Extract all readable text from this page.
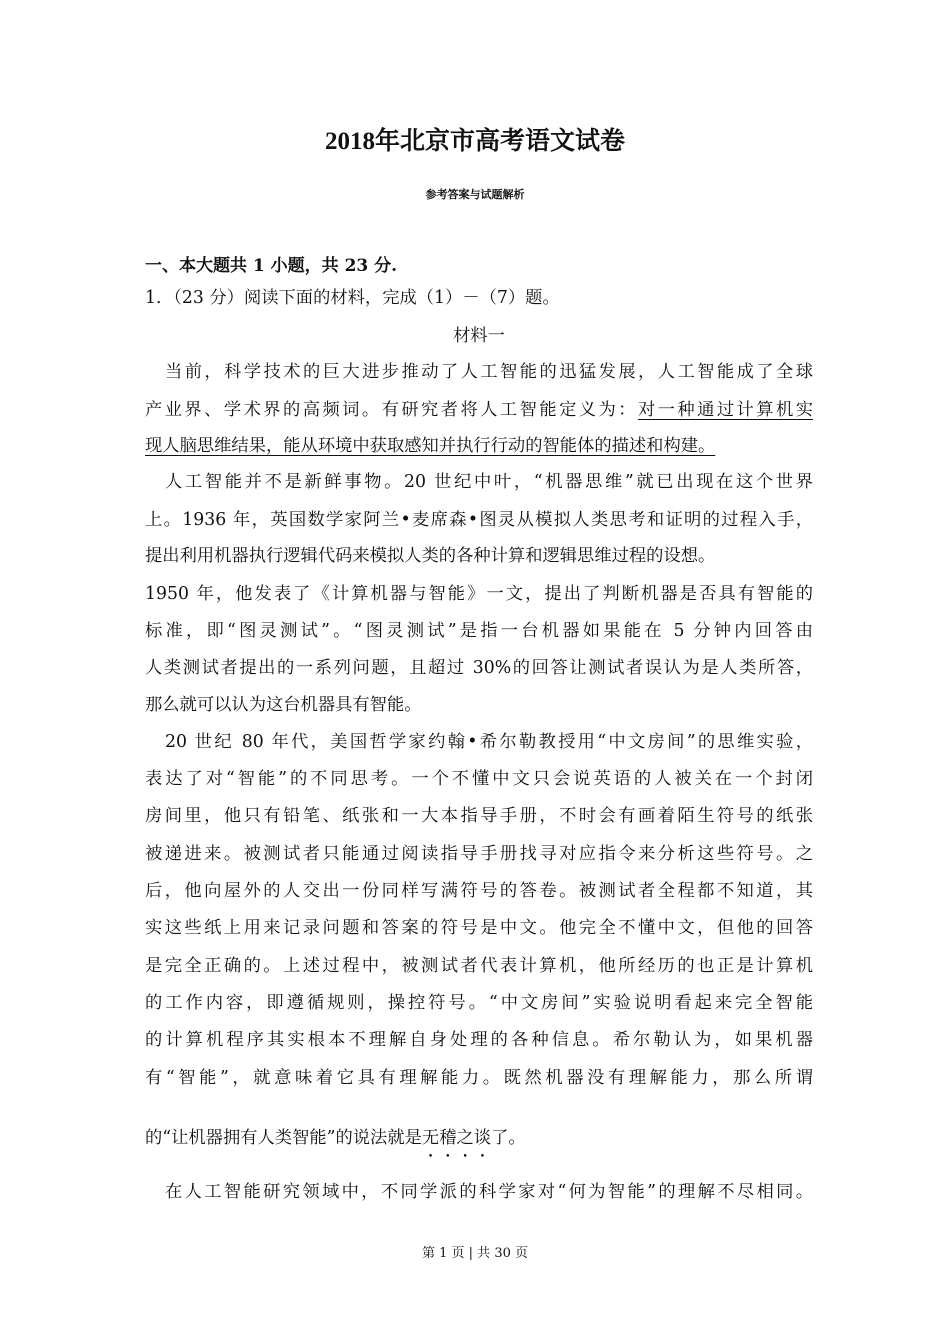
2018年北京市高考语文试卷
参考答案与试题解析
一、本大题共 1 小题，共 23 分.
1．（23 分）阅读下面的材料，完成（1）－（7）题。
材料一
当前，科学技术的巨大进步推动了人工智能的迅猛发展，人工智能成了全球
产业界、学术界的高频词。有研究者将人工智能定义为：对一种通过计算机实
现人脑思维结果，能从环境中获取感知并执行行动的智能体的描述和构建。
人工智能并不是新鲜事物。20 世纪中叶，“机器思维”就已出现在这个世界
上。1936 年，英国数学家阿兰•麦席森•图灵从模拟人类思考和证明的过程入手，
提出利用机器执行逻辑代码来模拟人类的各种计算和逻辑思维过程的设想。
1950 年，他发表了《计算机器与智能》一文，提出了判断机器是否具有智能的
标准，即“图灵测试”。“图灵测试”是指一台机器如果能在 5 分钟内回答由
人类测试者提出的一系列问题，且超过 30%的回答让测试者误认为是人类所答，
那么就可以认为这台机器具有智能。
20 世纪 80 年代，美国哲学家约翰•希尔勒教授用“中文房间”的思维实验，
表达了对“智能”的不同思考。一个不懂中文只会说英语的人被关在一个封闭
房间里，他只有铅笔、纸张和一大本指导手册，不时会有画着陌生符号的纸张
被递进来。被测试者只能通过阅读指导手册找寻对应指令来分析这些符号。之
后，他向屋外的人交出一份同样写满符号的答卷。被测试者全程都不知道，其
实这些纸上用来记录问题和答案的符号是中文。他完全不懂中文，但他的回答
是完全正确的。上述过程中，被测试者代表计算机，他所经历的也正是计算机
的工作内容，即遵循规则，操控符号。“中文房间”实验说明看起来完全智能
的计算机程序其实根本不理解自身处理的各种信息。希尔勒认为，如果机器
有“智能”，就意味着它具有理解能力。既然机器没有理解能力，那么所谓
的“让机器拥有人类智能”的说法就是无稽之谈了。
在人工智能研究领域中，不同学派的科学家对“何为智能”的理解不尽相同。
第 1 页 | 共 30 页
